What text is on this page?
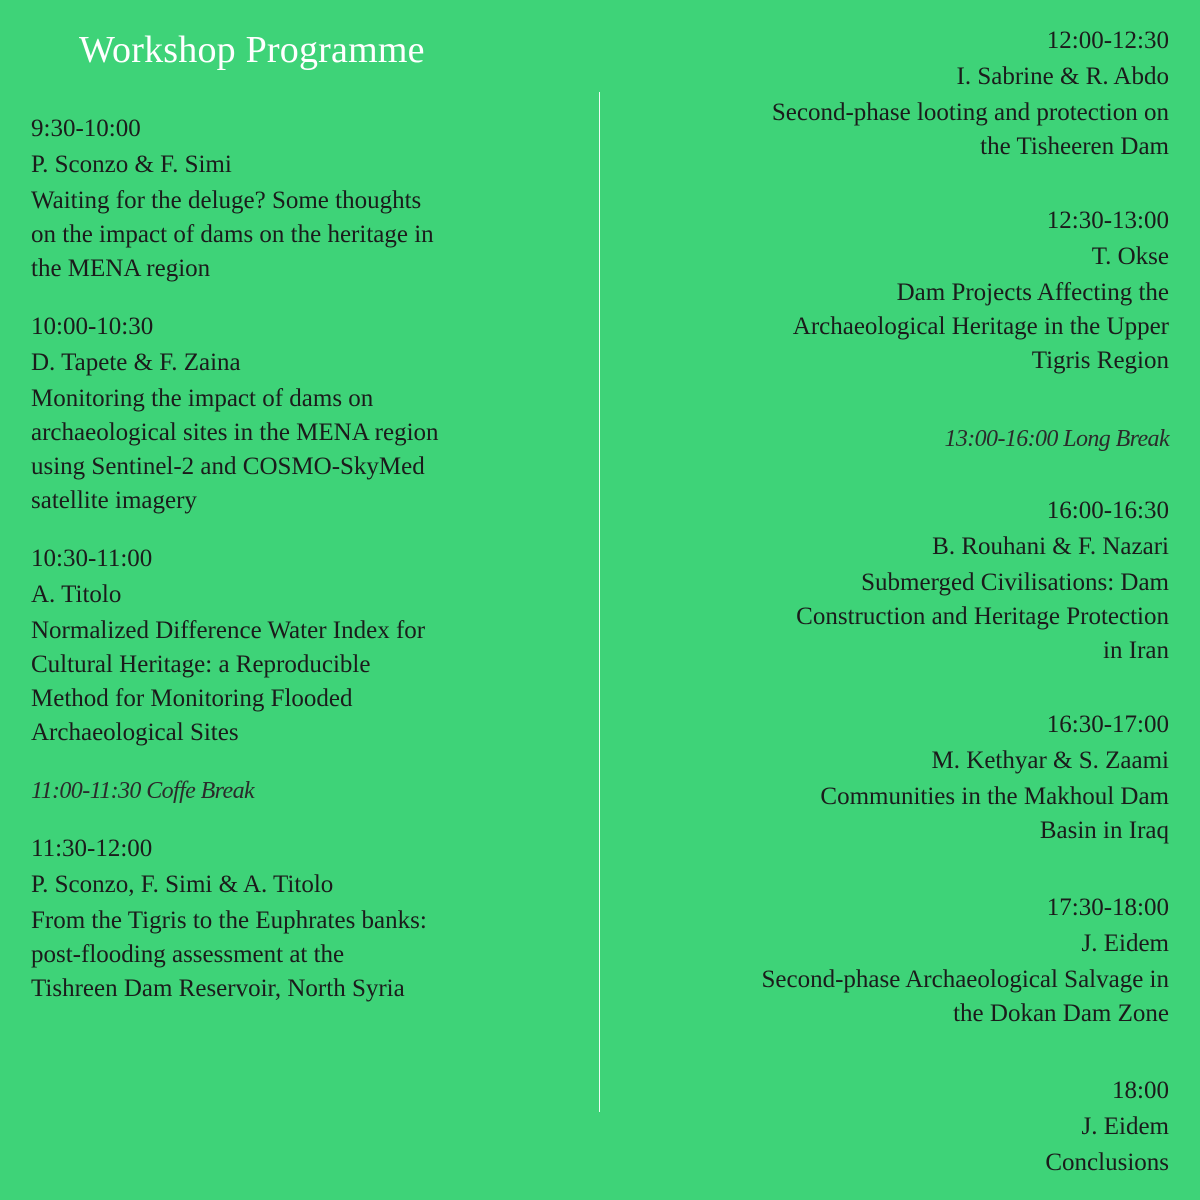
Workshop Programme
9:30-10:00
P. Sconzo & F. Simi
Waiting for the deluge? Some thoughts
on the impact of dams on the heritage in
the MENA region
10:00-10:30
D. Tapete & F. Zaina
Monitoring the impact of dams on
archaeological sites in the MENA region
using Sentinel-2 and COSMO-SkyMed
satellite imagery
10:30-11:00
A. Titolo
Normalized Difference Water Index for
Cultural Heritage: a Reproducible
Method for Monitoring Flooded
Archaeological Sites
11:00-11:30 Coffe Break
11:30-12:00
P. Sconzo, F. Simi & A. Titolo
From the Tigris to the Euphrates banks:
post-flooding assessment at the
Tishreen Dam Reservoir, North Syria
12:00-12:30
I. Sabrine & R. Abdo
Second-phase looting and protection on
the Tisheeren Dam
12:30-13:00
T. Okse
Dam Projects Affecting the
Archaeological Heritage in the Upper
Tigris Region
13:00-16:00 Long Break
16:00-16:30
B. Rouhani & F. Nazari
Submerged Civilisations: Dam
Construction and Heritage Protection
in Iran
16:30-17:00
M. Kethyar & S. Zaami
Communities in the Makhoul Dam
Basin in Iraq
17:30-18:00
J. Eidem
Second-phase Archaeological Salvage in
the Dokan Dam Zone
18:00
J. Eidem
Conclusions
